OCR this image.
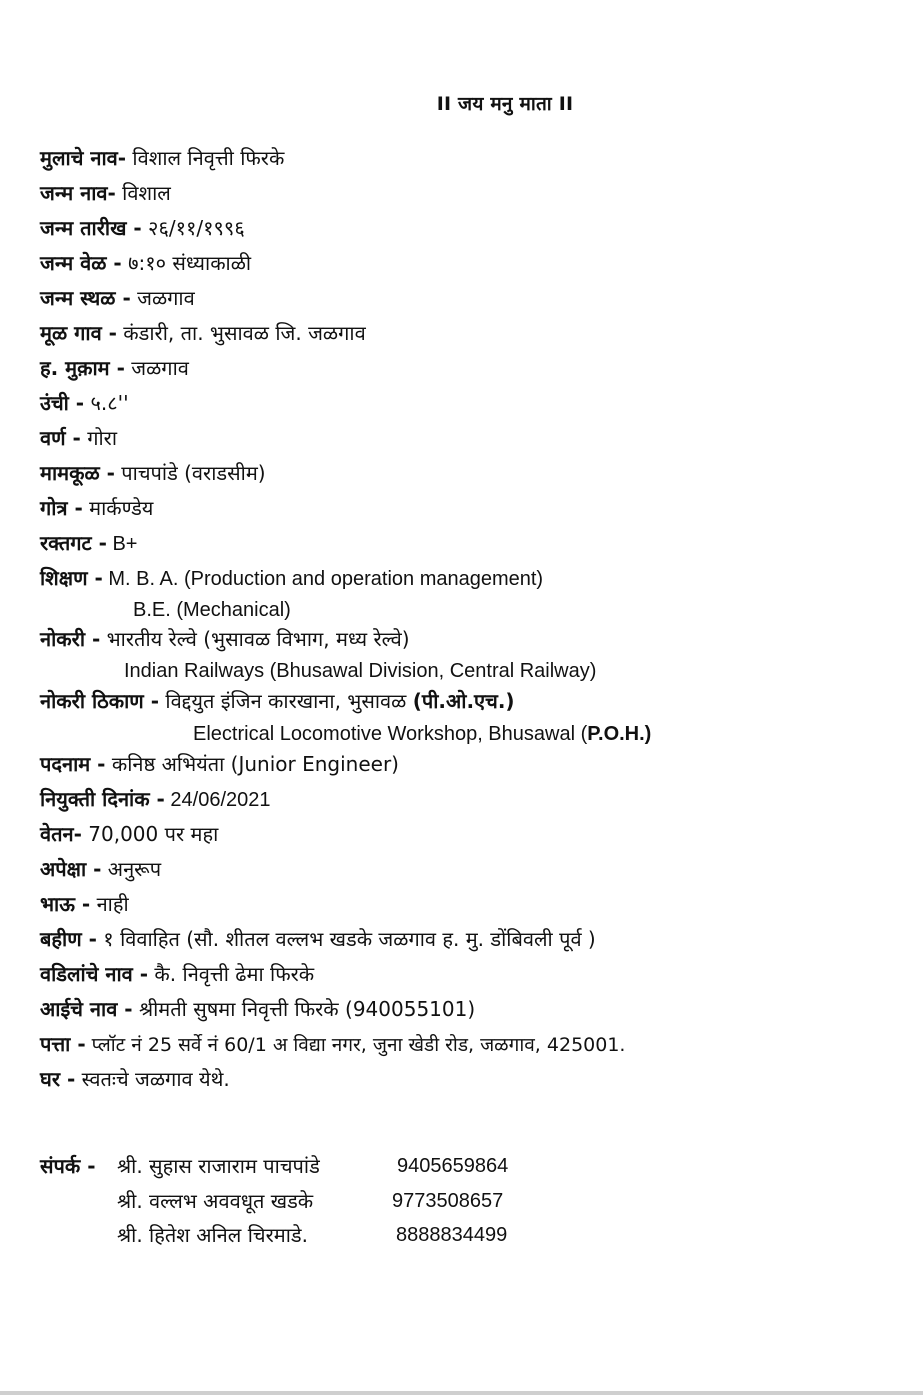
II जय मनु माता II
मुलाचे नाव- विशाल निवृत्ती फिरके
जन्म नाव- विशाल
जन्म तारीख - २६/११/१९९६
जन्म वेळ - ७:१० संध्याकाळी
जन्म स्थळ - जळगाव
मूळ गाव - कंडारी, ता. भुसावळ जि. जळगाव
ह. मुक़ाम - जळगाव
उंची - ५.८''
वर्ण - गोरा
मामकूळ - पाचपांडे (वराडसीम)
गोत्र - मार्कण्डेय
रक्तगट - B+
शिक्षण - M. B. A. (Production and operation management)
B.E. (Mechanical)
नोकरी - भारतीय रेल्वे (भुसावळ विभाग, मध्य रेल्वे)
Indian Railways (Bhusawal Division, Central Railway)
नोकरी ठिकाण - विद्दयुत इंजिन कारखाना, भुसावळ (पी.ओ.एच.)
Electrical Locomotive Workshop, Bhusawal (P.O.H.)
पदनाम - कनिष्ठ अभियंता (Junior Engineer)
नियुक्ती दिनांक - 24/06/2021
वेतन- 70,000 पर महा
अपेक्षा - अनुरूप
भाऊ - नाही
बहीण - १ विवाहित (सौ. शीतल वल्लभ खडके जळगाव ह. मु. डोंबिवली पूर्व )
वडिलांचे नाव - कै. निवृत्ती ढेमा फिरके
आईचे नाव - श्रीमती सुषमा निवृत्ती फिरके (940055101)
पत्ता - प्लॉट नं 25 सर्वे नं 60/1 अ विद्या नगर, जुना खेडी रोड, जळगाव, 425001.
घर - स्वतःचे जळगाव येथे.
संपर्क - श्री. सुहास राजाराम पाचपांडे	9405659864
श्री. वल्लभ अववधूत खडके	9773508657
श्री. हितेश अनिल चिरमाडे.	8888834499
